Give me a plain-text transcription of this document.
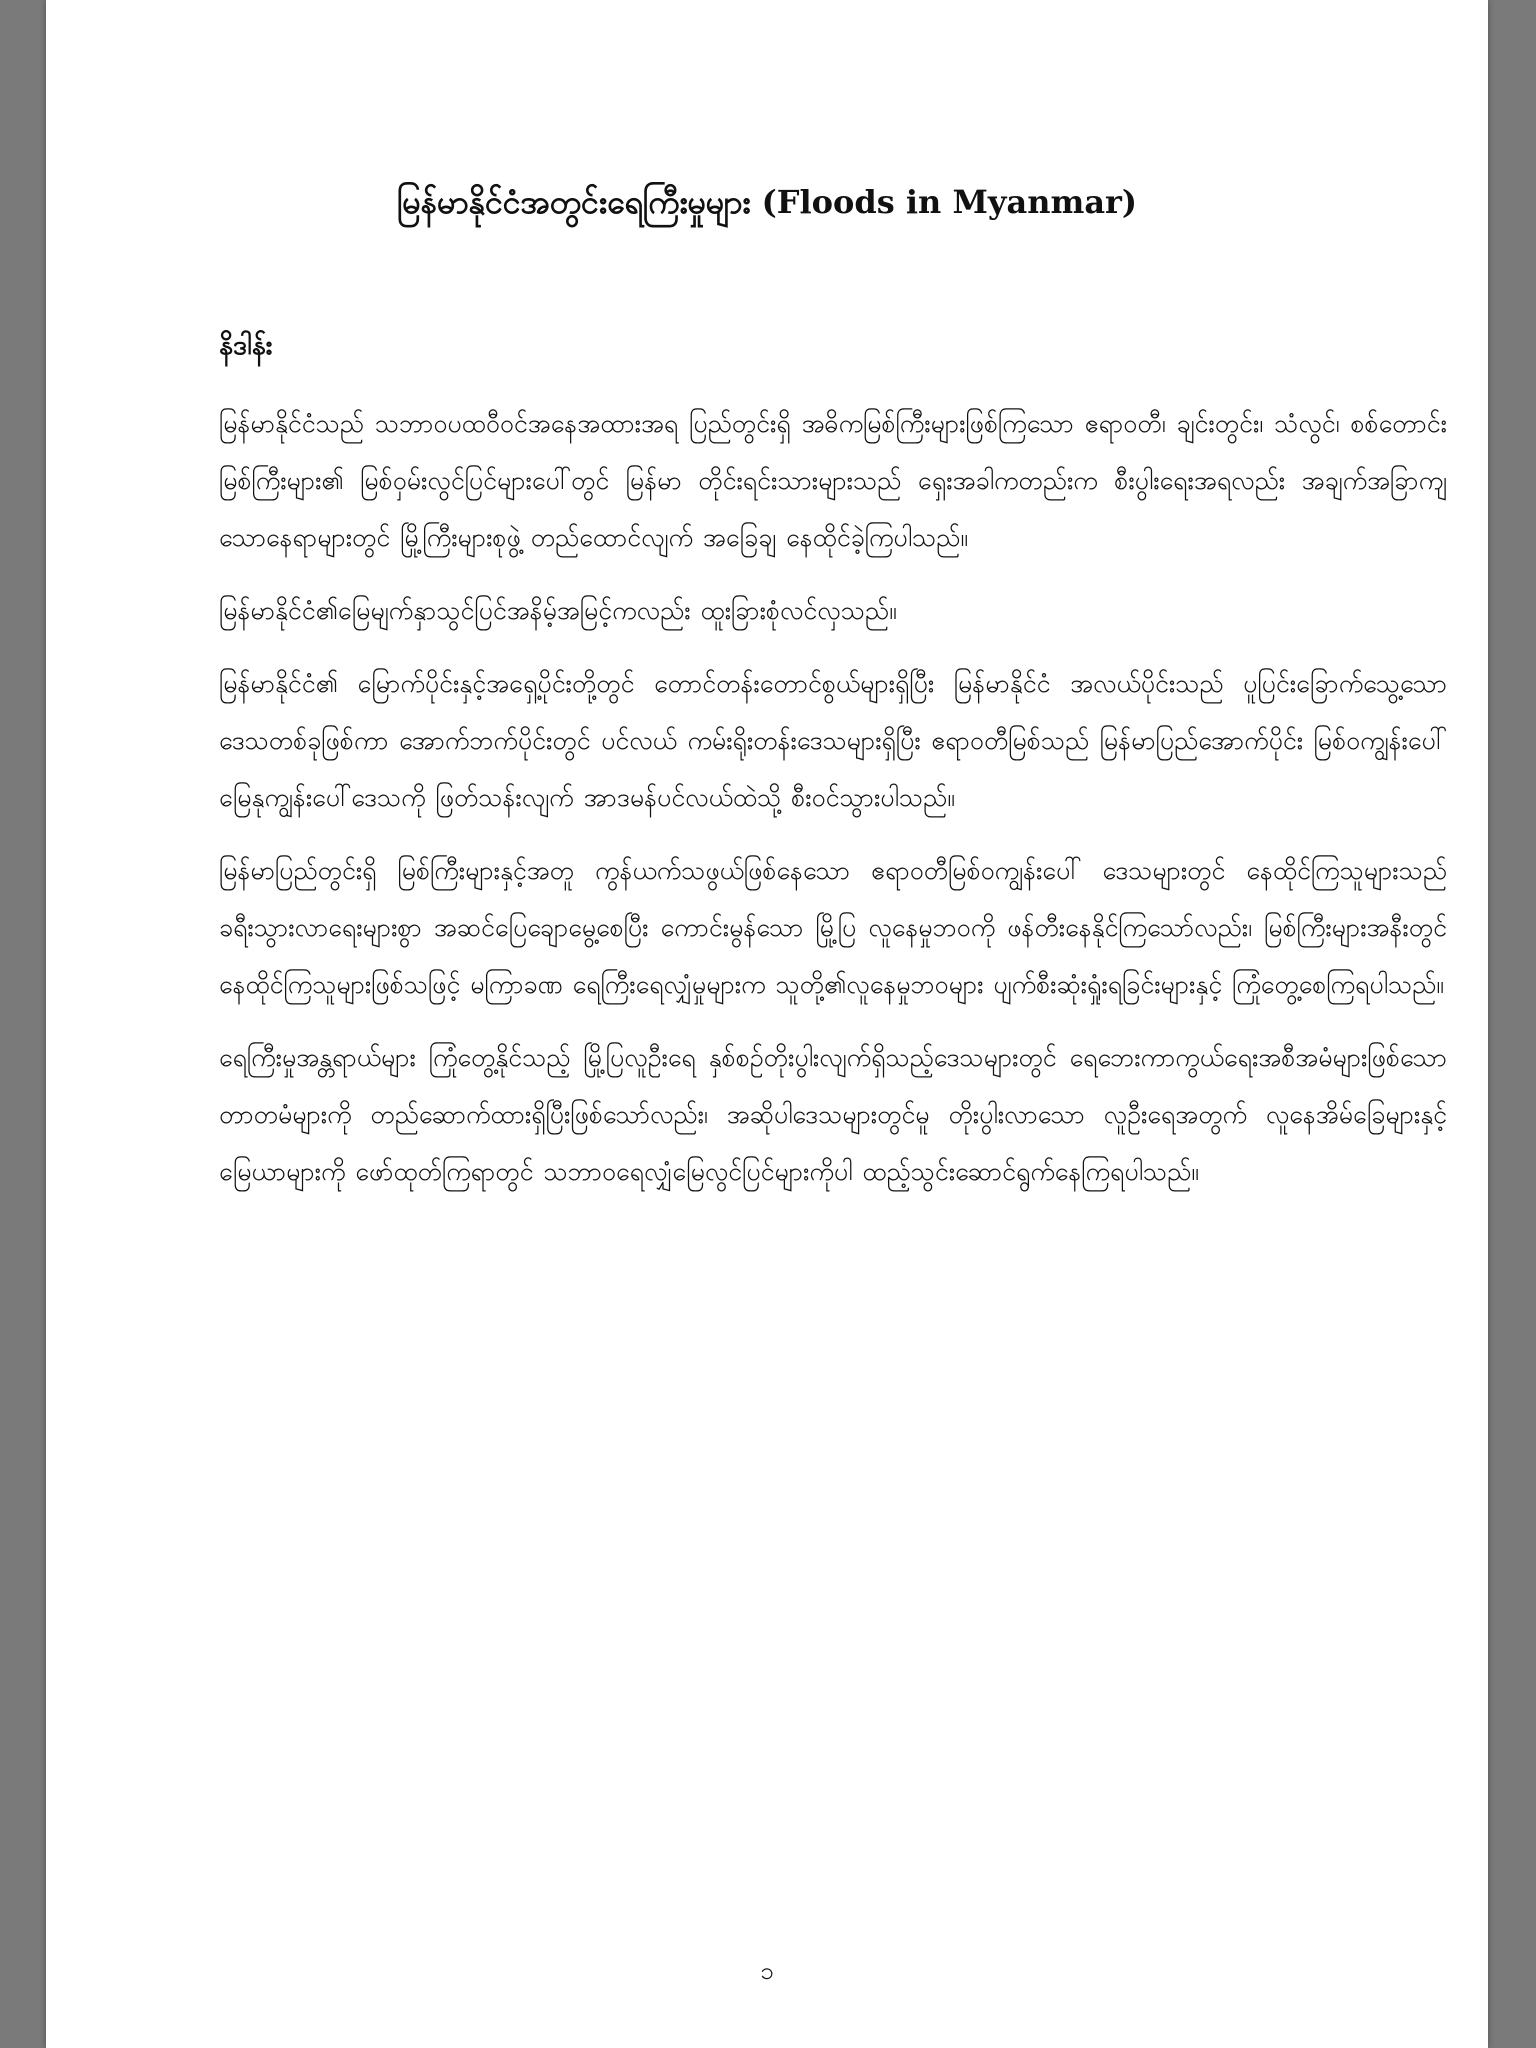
မြန်မာနိုင်ငံအတွင်းရေကြီးမှုများ (Floods in Myanmar)
နိဒါန်း

မြန်မာနိုင်ငံသည် သဘာဝပထဝီဝင်အနေအထားအရ ပြည်တွင်းရှိ အဓိကမြစ်ကြီးများဖြစ်ကြသော ဧရာဝတီ၊ ချင်းတွင်း၊ သံလွင်၊ စစ်တောင်းမြစ်ကြီးများ၏ မြစ်ဝှမ်းလွင်ပြင်များပေါ်တွင် မြန်မာ တိုင်းရင်းသားများသည် ရှေးအခါကတည်းက စီးပွါးရေးအရလည်း အချက်အခြာကျသောနေရာများတွင် မြို့ကြီးများစုဖွဲ့ တည်ထောင်လျက် အခြေချ နေထိုင်ခဲ့ကြပါသည်။

မြန်မာနိုင်ငံ၏မြေမျက်နှာသွင်ပြင်အနိမ့်အမြင့်ကလည်း ထူးခြားစုံလင်လှသည်။

မြန်မာနိုင်ငံ၏ မြောက်ပိုင်းနှင့်အရှေ့ပိုင်းတို့တွင် တောင်တန်းတောင်စွယ်များရှိပြီး မြန်မာနိုင်ငံ အလယ်ပိုင်းသည် ပူပြင်းခြောက်သွေ့သော ဒေသတစ်ခုဖြစ်ကာ အောက်ဘက်ပိုင်းတွင် ပင်လယ် ကမ်းရိုးတန်းဒေသများရှိပြီး ဧရာဝတီမြစ်သည် မြန်မာပြည်အောက်ပိုင်း မြစ်ဝကျွန်းပေါ် မြေနုကျွန်းပေါ်ဒေသကို ဖြတ်သန်းလျက် အာဒမန်ပင်လယ်ထဲသို့ စီးဝင်သွားပါသည်။

မြန်မာပြည်တွင်းရှိ မြစ်ကြီးများနှင့်အတူ ကွန်ယက်သဖွယ်ဖြစ်နေသော ဧရာဝတီမြစ်ဝကျွန်းပေါ် ဒေသများတွင် နေထိုင်ကြသူများသည် ခရီးသွားလာရေးများစွာ အဆင်ပြေချောမွေ့စေပြီး ကောင်းမွန်သော မြို့ပြ လူနေမှုဘဝကို ဖန်တီးနေနိုင်ကြသော်လည်း၊ မြစ်ကြီးများအနီးတွင် နေထိုင်ကြသူများဖြစ်သဖြင့် မကြာခဏ ရေကြီးရေလျှံမှုများက သူတို့၏လူနေမှုဘဝများ ပျက်စီးဆုံးရှုံးရခြင်းများနှင့် ကြုံတွေ့စေကြရပါသည်။

ရေကြီးမှုအန္တရာယ်များ ကြုံတွေ့နိုင်သည့် မြို့ပြလူဦးရေ နှစ်စဉ်တိုးပွါးလျက်ရှိသည့်ဒေသများတွင် ရေဘေးကာကွယ်ရေးအစီအမံများဖြစ်သော တာတမံများကို တည်ဆောက်ထားရှိပြီးဖြစ်သော်လည်း၊ အဆိုပါဒေသများတွင်မူ တိုးပွါးလာသော လူဦးရေအတွက် လူနေအိမ်ခြေများနှင့် မြေယာများကို ဖော်ထုတ်ကြရာတွင် သဘာဝရေလျှံမြေလွင်ပြင်များကိုပါ ထည့်သွင်းဆောင်ရွက်နေကြရပါသည်။

၁
